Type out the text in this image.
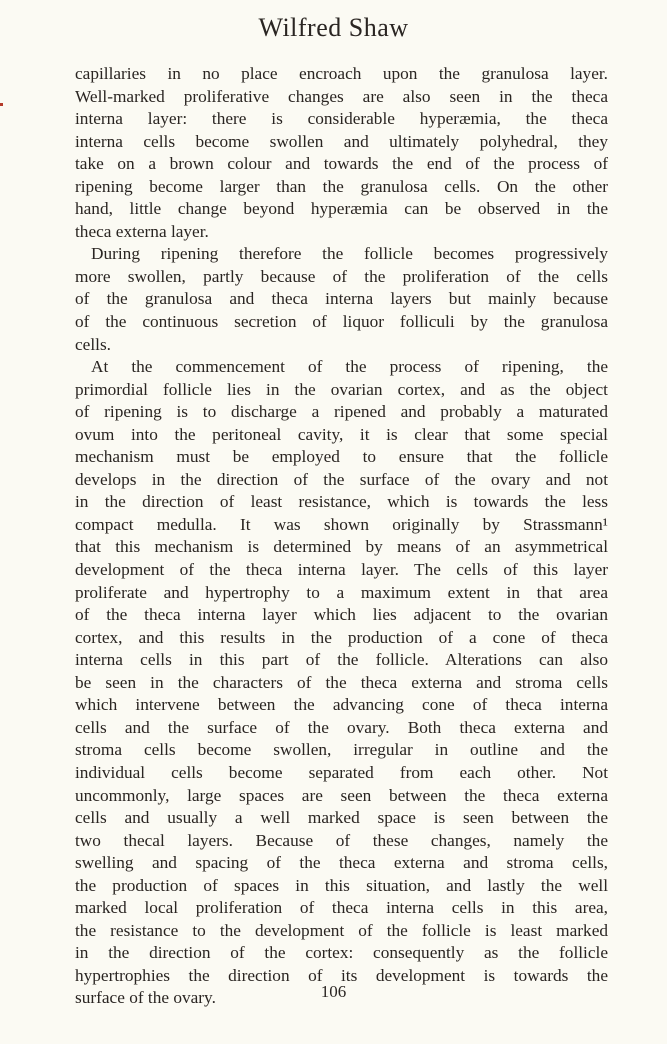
Wilfred Shaw
capillaries in no place encroach upon the granulosa layer.
Well-marked proliferative changes are also seen in the theca
interna layer: there is considerable hyperæmia, the theca
interna cells become swollen and ultimately polyhedral, they
take on a brown colour and towards the end of the process of
ripening become larger than the granulosa cells. On the other
hand, little change beyond hyperæmia can be observed in the
theca externa layer.
During ripening therefore the follicle becomes progressively
more swollen, partly because of the proliferation of the cells
of the granulosa and theca interna layers but mainly because
of the continuous secretion of liquor folliculi by the granulosa
cells.
At the commencement of the process of ripening, the
primordial follicle lies in the ovarian cortex, and as the object
of ripening is to discharge a ripened and probably a maturated
ovum into the peritoneal cavity, it is clear that some special
mechanism must be employed to ensure that the follicle
develops in the direction of the surface of the ovary and not
in the direction of least resistance, which is towards the less
compact medulla. It was shown originally by Strassmann¹
that this mechanism is determined by means of an asymmetrical
development of the theca interna layer. The cells of this layer
proliferate and hypertrophy to a maximum extent in that area
of the theca interna layer which lies adjacent to the ovarian
cortex, and this results in the production of a cone of theca
interna cells in this part of the follicle. Alterations can also
be seen in the characters of the theca externa and stroma cells
which intervene between the advancing cone of theca interna
cells and the surface of the ovary. Both theca externa and
stroma cells become swollen, irregular in outline and the
individual cells become separated from each other. Not
uncommonly, large spaces are seen between the theca externa
cells and usually a well marked space is seen between the
two thecal layers. Because of these changes, namely the
swelling and spacing of the theca externa and stroma cells,
the production of spaces in this situation, and lastly the well
marked local proliferation of theca interna cells in this area,
the resistance to the development of the follicle is least marked
in the direction of the cortex: consequently as the follicle
hypertrophies the direction of its development is towards the
surface of the ovary.	106
